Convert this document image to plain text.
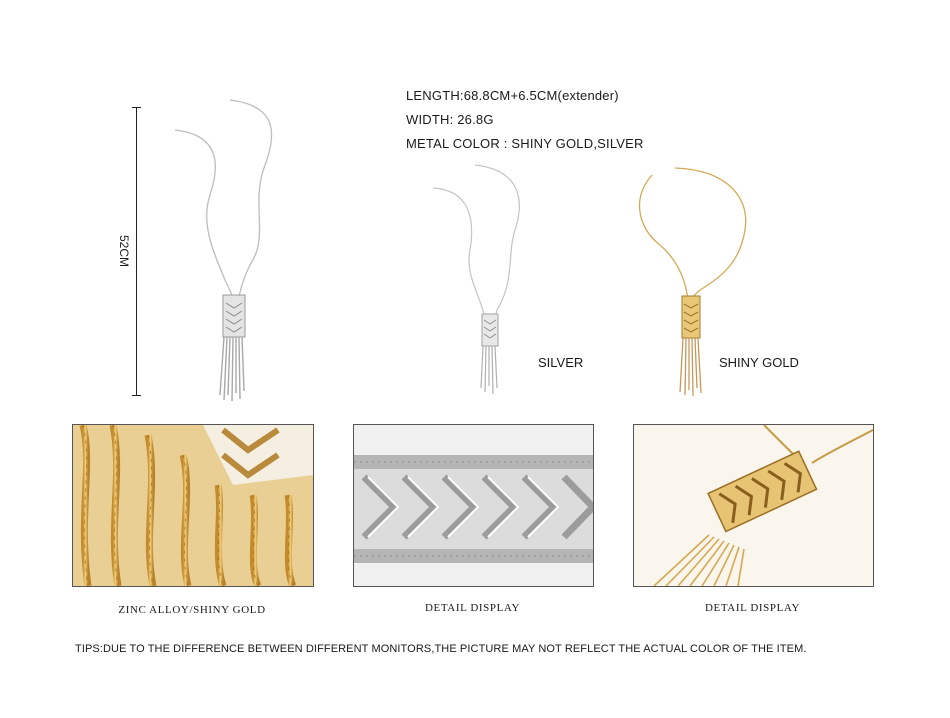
LENGTH:68.8CM+6.5CM(extender)
WIDTH: 26.8G
METAL COLOR : SHINY GOLD,SILVER
52CM
SILVER	SHINY GOLD
ZINC ALLOY/SHINY GOLD	DETAIL DISPLAY	DETAIL DISPLAY
TIPS:DUE TO THE DIFFERENCE BETWEEN DIFFERENT MONITORS,THE PICTURE MAY NOT REFLECT THE ACTUAL COLOR OF THE ITEM.
